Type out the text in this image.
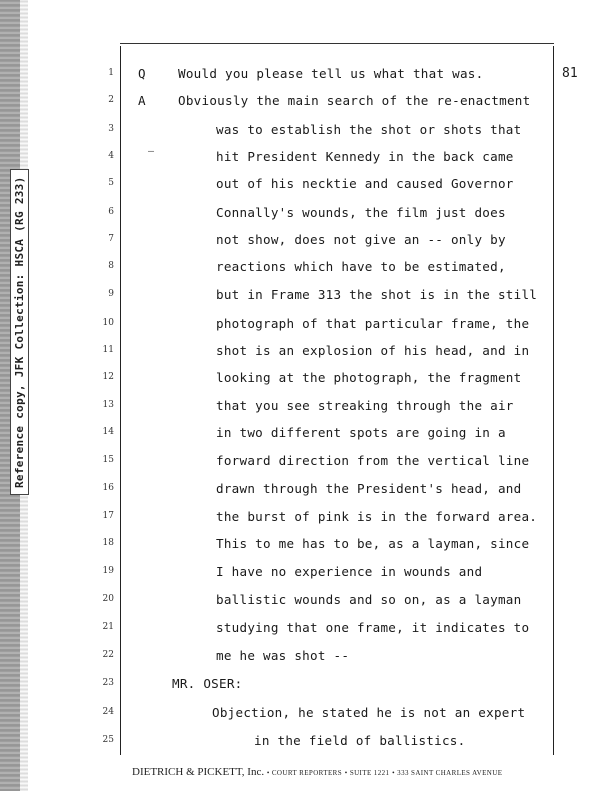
Reference copy, JFK Collection: HSCA (RG 233)
81
–
1 Q	Would you please tell us what that was.
2 A	Obviously the main search of the re-enactment
3	was to establish the shot or shots that
4	hit President Kennedy in the back came
5	out of his necktie and caused Governor
6	Connally's wounds, the film just does
7	not show, does not give an -- only by
8	reactions which have to be estimated,
9	but in Frame 313 the shot is in the still
10	photograph of that particular frame, the
11	shot is an explosion of his head, and in
12	looking at the photograph, the fragment
13	that you see streaking through the air
14	in two different spots are going in a
15	forward direction from the vertical line
16	drawn through the President's head, and
17	the burst of pink is in the forward area.
18	This to me has to be, as a layman, since
19	I have no experience in wounds and
20	ballistic wounds and so on, as a layman
21	studying that one frame, it indicates to
22	me he was shot --
23	MR. OSER:
24	Objection, he stated he is not an expert
25	in the field of ballistics.
DIETRICH & PICKETT, Inc. • COURT REPORTERS • SUITE 1221 • 333 SAINT CHARLES AVENUE
